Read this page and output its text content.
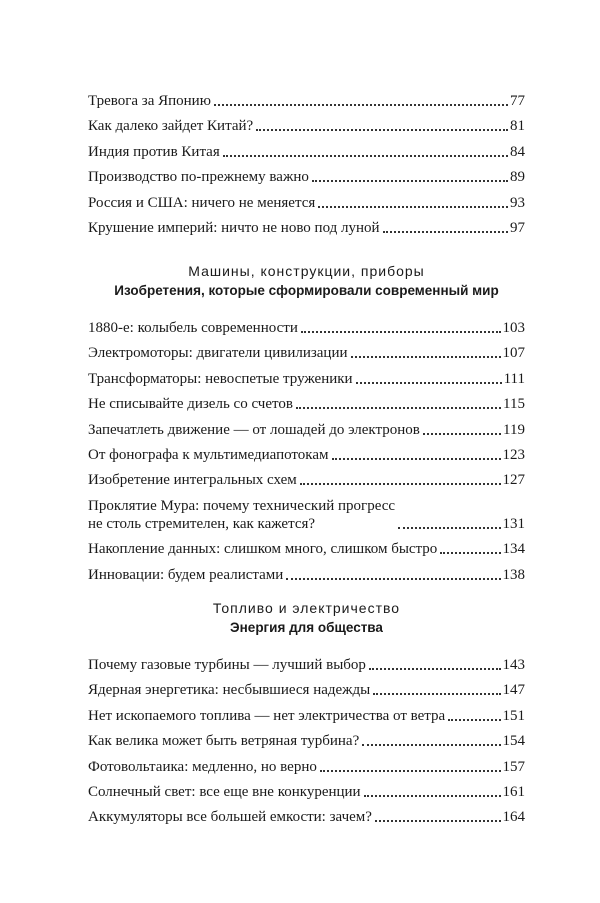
Тревога за Японию	77
Как далеко зайдет Китай?	81
Индия против Китая	84
Производство по-прежнему важно	89
Россия и США: ничего не меняется	93
Крушение империй: ничто не ново под луной	97
Машины, конструкции, приборы
Изобретения, которые сформировали современный мир
1880-е: колыбель современности	103
Электромоторы: двигатели цивилизации	107
Трансформаторы: невоспетые труженики	111
Не списывайте дизель со счетов	115
Запечатлеть движение — от лошадей до электронов	119
От фонографа к мультимедиапотокам	123
Изобретение интегральных схем	127
Проклятие Мура: почему технический прогресс
не столь стремителен, как кажется?	131
Накопление данных: слишком много, слишком быстро	134
Инновации: будем реалистами	138
Топливо и электричество
Энергия для общества
Почему газовые турбины — лучший выбор	143
Ядерная энергетика: несбывшиеся надежды	147
Нет ископаемого топлива — нет электричества от ветра	151
Как велика может быть ветряная турбина?	154
Фотовольтаика: медленно, но верно	157
Солнечный свет: все еще вне конкуренции	161
Аккумуляторы все большей емкости: зачем?	164
